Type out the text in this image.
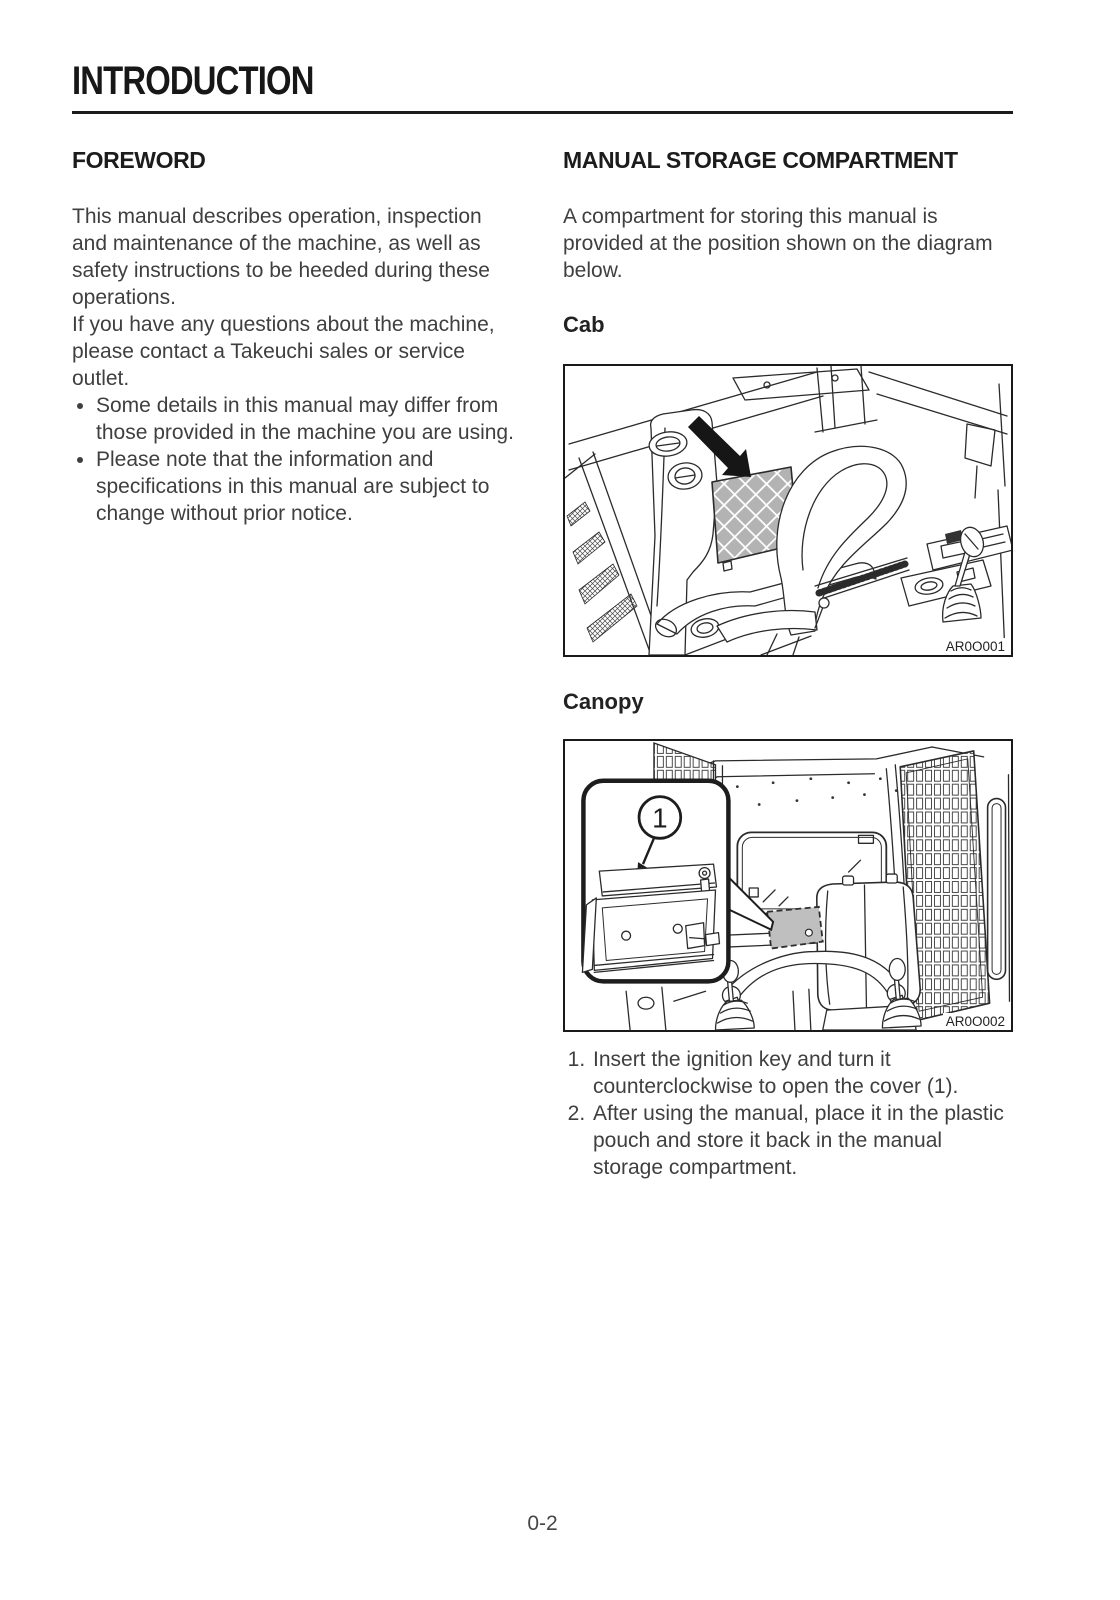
INTRODUCTION
FOREWORD

This manual describes operation, inspection and maintenance of the machine, as well as safety instructions to be heeded during these operations.

If you have any questions about the machine, please contact a Takeuchi sales or service outlet.

• Some details in this manual may differ from those provided in the machine you are using.
• Please note that the information and specifications in this manual are subject to change without prior notice.
MANUAL STORAGE COMPARTMENT

A compartment for storing this manual is provided at the position shown on the diagram below.

Cab
AR0O001
Canopy
1
AR0O002
1. Insert the ignition key and turn it counterclockwise to open the cover (1).
2. After using the manual, place it in the plastic pouch and store it back in the manual storage compartment.
0-2
